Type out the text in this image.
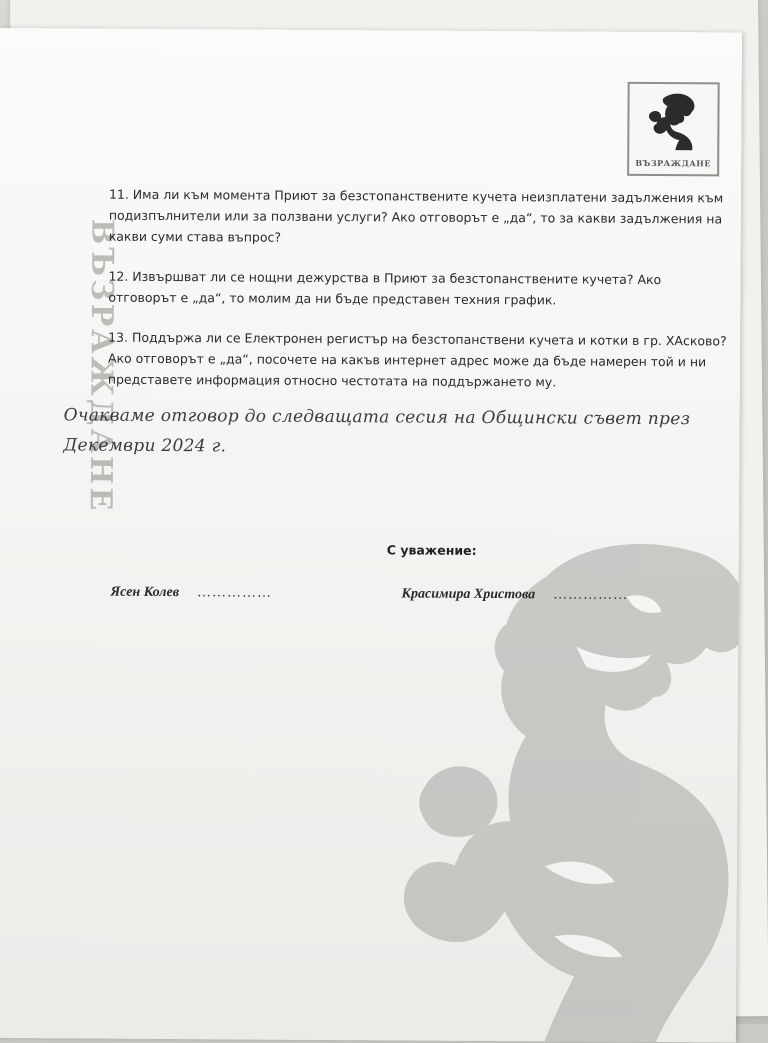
ВЪЗРАЖДАНЕ
ВЪЗРАЖДАНЕ

11. Има ли към момента Приют за безстопанствените кучета неизплатени задължения към подизпълнители или за ползвани услуги? Ако отговорът е „да“, то за какви задължения на какви суми става въпрос?

12. Извършват ли се нощни дежурства в Приют за безстопанствените кучета? Ако отговорът е „да“, то молим да ни бъде представен техния график.

13. Поддържа ли се Електронен регистър на безстопанствени кучета и котки в гр. ХАсково? Ако отговорът е „да“, посочете на какъв интернет адрес може да бъде намерен той и ни представете информация относно честотата на поддържането му.

Очакваме отговор до следващата сесия на Общински съвет през
Декември 2024 г.
С уважение:
Ясен Колев ……………	Красимира Христова ……………
